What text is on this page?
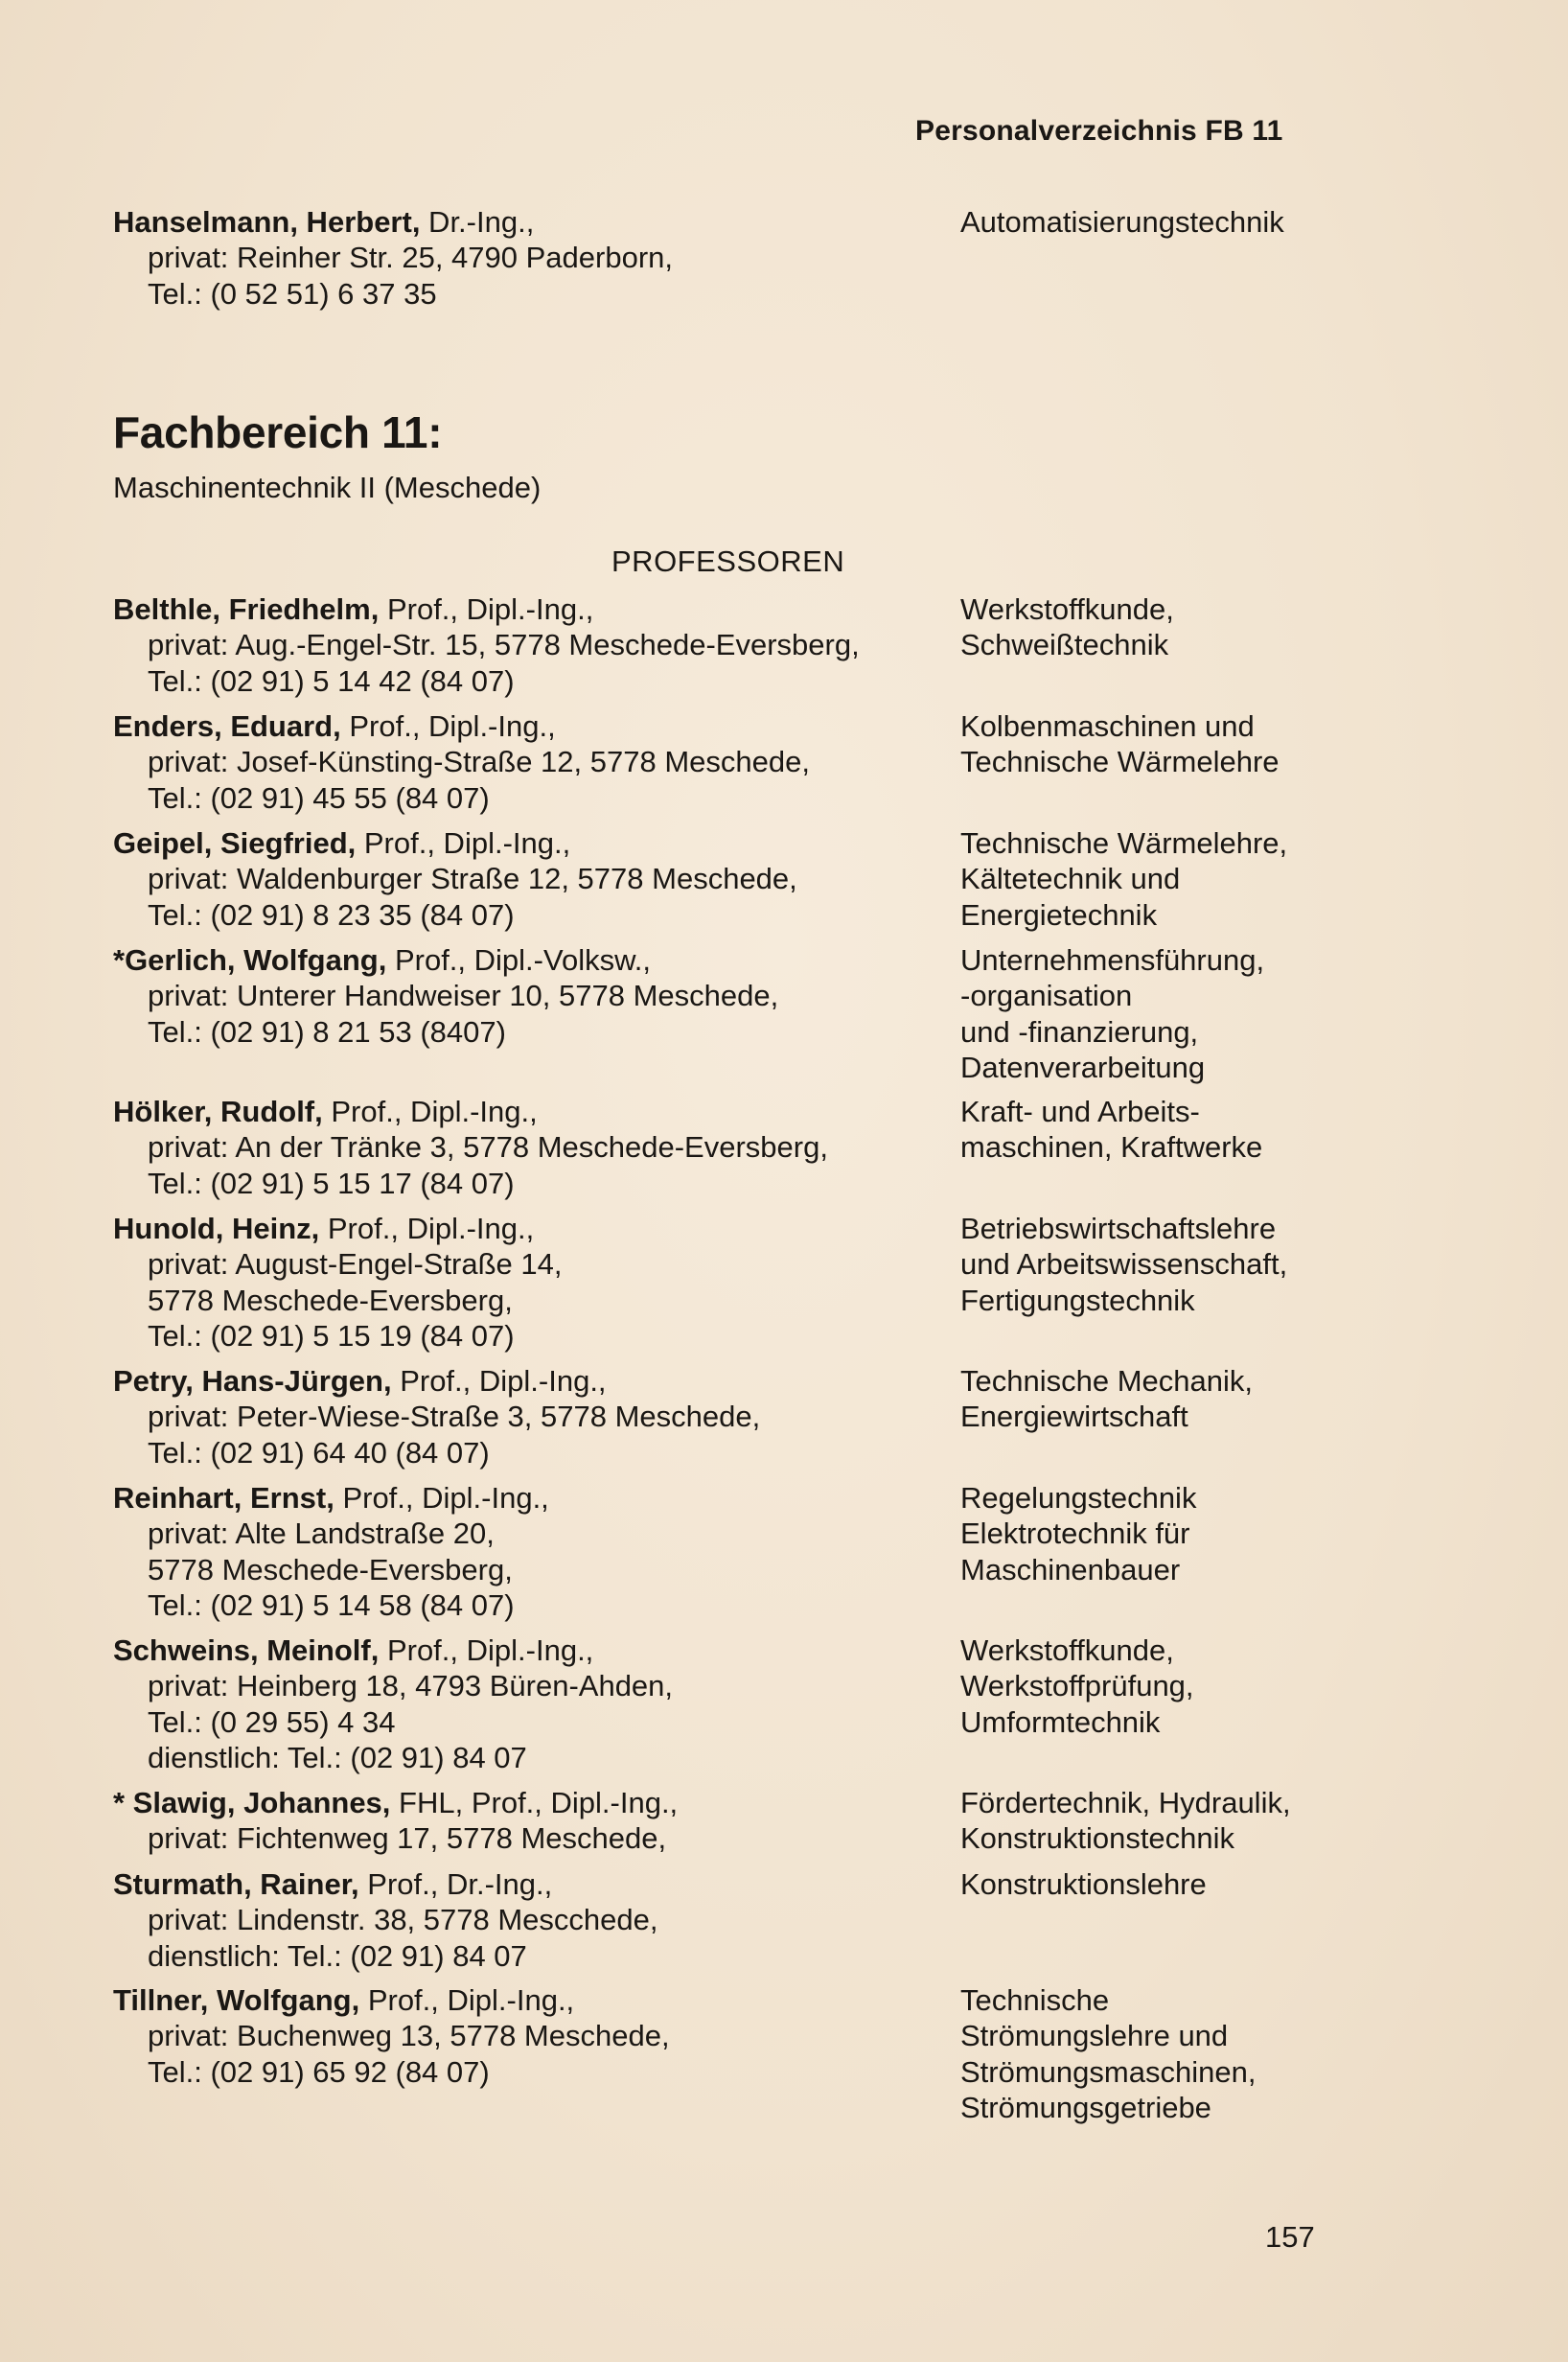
Personalverzeichnis FB 11
Hanselmann, Herbert, Dr.-Ing.,
privat: Reinher Str. 25, 4790 Paderborn,
Tel.: (0 52 51) 6 37 35
Automatisierungstechnik
Fachbereich 11:
Maschinentechnik II (Meschede)
PROFESSOREN
Belthle, Friedhelm, Prof., Dipl.-Ing.,
privat: Aug.-Engel-Str. 15, 5778 Meschede-Eversberg,
Tel.: (02 91) 5 14 42 (84 07)
Werkstoffkunde,
Schweißtechnik
Enders, Eduard, Prof., Dipl.-Ing.,
privat: Josef-Künsting-Straße 12, 5778 Meschede,
Tel.: (02 91) 45 55 (84 07)
Kolbenmaschinen und
Technische Wärmelehre
Geipel, Siegfried, Prof., Dipl.-Ing.,
privat: Waldenburger Straße 12, 5778 Meschede,
Tel.: (02 91) 8 23 35 (84 07)
Technische Wärmelehre,
Kältetechnik und
Energietechnik
*Gerlich, Wolfgang, Prof., Dipl.-Volksw.,
privat: Unterer Handweiser 10, 5778 Meschede,
Tel.: (02 91) 8 21 53 (8407)
Unternehmensführung,
-organisation
und -finanzierung,
Datenverarbeitung
Hölker, Rudolf, Prof., Dipl.-Ing.,
privat: An der Tränke 3, 5778 Meschede-Eversberg,
Tel.: (02 91) 5 15 17 (84 07)
Kraft- und Arbeits-
maschinen, Kraftwerke
Hunold, Heinz, Prof., Dipl.-Ing.,
privat: August-Engel-Straße 14,
5778 Meschede-Eversberg,
Tel.: (02 91) 5 15 19 (84 07)
Betriebswirtschaftslehre
und Arbeitswissenschaft,
Fertigungstechnik
Petry, Hans-Jürgen, Prof., Dipl.-Ing.,
privat: Peter-Wiese-Straße 3, 5778 Meschede,
Tel.: (02 91) 64 40 (84 07)
Technische Mechanik,
Energiewirtschaft
Reinhart, Ernst, Prof., Dipl.-Ing.,
privat: Alte Landstraße 20,
5778 Meschede-Eversberg,
Tel.: (02 91) 5 14 58 (84 07)
Regelungstechnik
Elektrotechnik für
Maschinenbauer
Schweins, Meinolf, Prof., Dipl.-Ing.,
privat: Heinberg 18, 4793 Büren-Ahden,
Tel.: (0 29 55) 4 34
dienstlich: Tel.: (02 91) 84 07
Werkstoffkunde,
Werkstoffprüfung,
Umformtechnik
* Slawig, Johannes, FHL, Prof., Dipl.-Ing.,
privat: Fichtenweg 17, 5778 Meschede,
Fördertechnik, Hydraulik,
Konstruktionstechnik
Sturmath, Rainer, Prof., Dr.-Ing.,
privat: Lindenstr. 38, 5778 Mescchede,
dienstlich: Tel.: (02 91) 84 07
Konstruktionslehre
Tillner, Wolfgang, Prof., Dipl.-Ing.,
privat: Buchenweg 13, 5778 Meschede,
Tel.: (02 91) 65 92 (84 07)
Technische
Strömungslehre und
Strömungsmaschinen,
Strömungsgetriebe
157
